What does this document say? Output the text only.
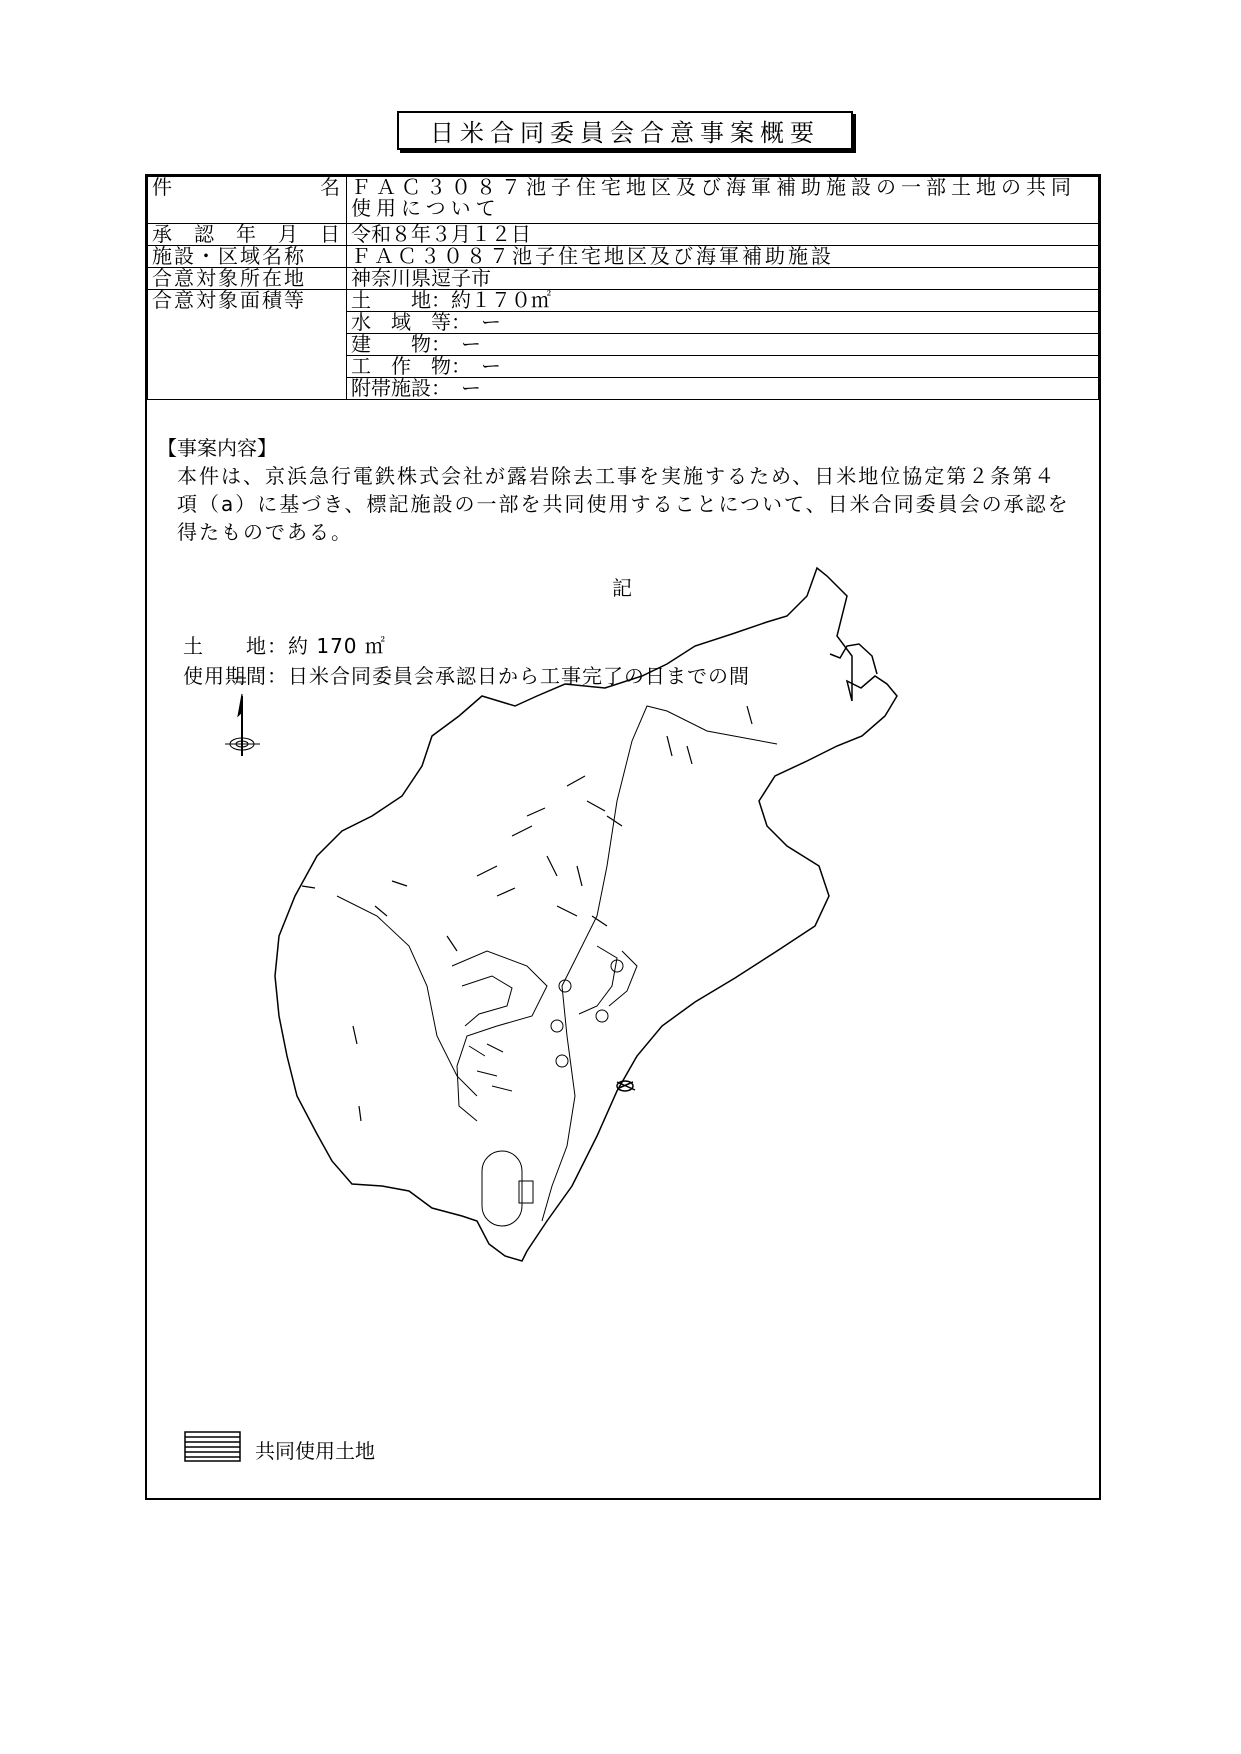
日米合同委員会合意事案概要
件 名	ＦＡＣ３０８７池子住宅地区及び海軍補助施設の一部土地の共同使用について

承 認 年 月 日	令和８年３月１２日
施設・区域名称	ＦＡＣ３０８７池子住宅地区及び海軍補助施設
合意対象所在地	神奈川県逗子市
合意対象面積等	土　　地：約１７０㎡
	水　域　等：　ー
	建　　物：　ー
	工　作　物：　ー
	附帯施設：　ー
【事案内容】
本件は、京浜急行電鉄株式会社が露岩除去工事を実施するため、日米地位協定第２条第４項（a）に基づき、標記施設の一部を共同使用することについて、日米合同委員会の承認を得たものである。
記
土　　地：約 170 ㎡
使用期間：日米合同委員会承認日から工事完了の日までの間
共同使用土地
